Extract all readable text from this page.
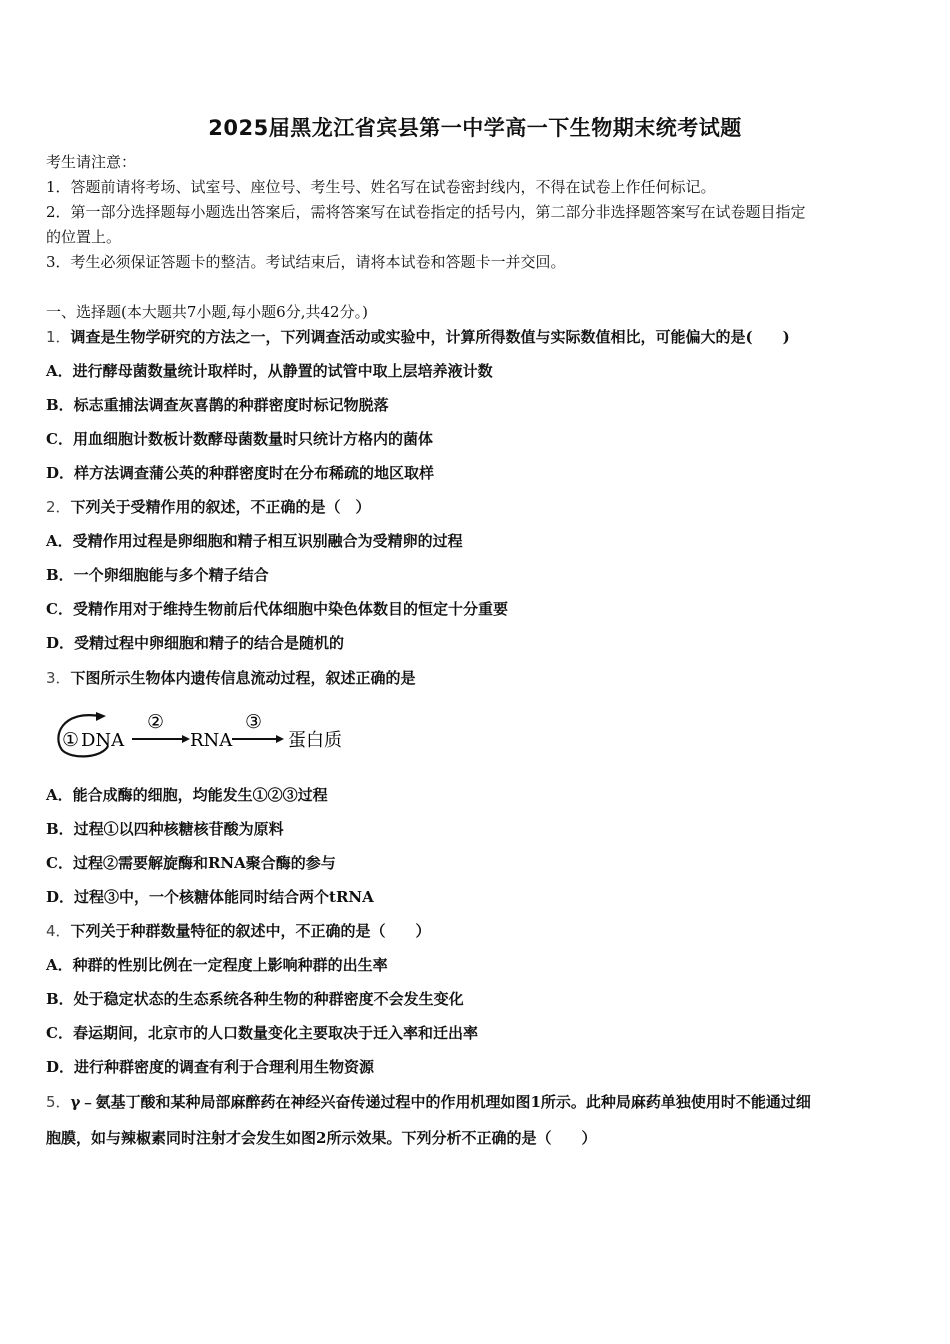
2025届黑龙江省宾县第一中学高一下生物期末统考试题
考生请注意：
1．答题前请将考场、试室号、座位号、考生号、姓名写在试卷密封线内，不得在试卷上作任何标记。
2．第一部分选择题每小题选出答案后，需将答案写在试卷指定的括号内，第二部分非选择题答案写在试卷题目指定
的位置上。
3．考生必须保证答题卡的整洁。考试结束后，请将本试卷和答题卡一并交回。
一、选择题(本大题共7小题,每小题6分,共42分。)
1．调查是生物学研究的方法之一，下列调查活动或实验中，计算所得数值与实际数值相比，可能偏大的是(　　)
A．进行酵母菌数量统计取样时，从静置的试管中取上层培养液计数
B．标志重捕法调查灰喜鹊的种群密度时标记物脱落
C．用血细胞计数板计数酵母菌数量时只统计方格内的菌体
D．样方法调查蒲公英的种群密度时在分布稀疏的地区取样
2．下列关于受精作用的叙述，不正确的是（　）
A．受精作用过程是卵细胞和精子相互识别融合为受精卵的过程
B．一个卵细胞能与多个精子结合
C．受精作用对于维持生物前后代体细胞中染色体数目的恒定十分重要
D．受精过程中卵细胞和精子的结合是随机的
3．下图所示生物体内遗传信息流动过程，叙述正确的是
① DNA
②
RNA
③
蛋白质
A．能合成酶的细胞，均能发生①②③过程
B．过程①以四种核糖核苷酸为原料
C．过程②需要解旋酶和RNA聚合酶的参与
D．过程③中，一个核糖体能同时结合两个tRNA
4．下列关于种群数量特征的叙述中，不正确的是（　　）
A．种群的性别比例在一定程度上影响种群的出生率
B．处于稳定状态的生态系统各种生物的种群密度不会发生变化
C．春运期间，北京市的人口数量变化主要取决于迁入率和迁出率
D．进行种群密度的调查有利于合理利用生物资源
5．γ﹣氨基丁酸和某种局部麻醉药在神经兴奋传递过程中的作用机理如图1所示。此种局麻药单独使用时不能通过细
胞膜，如与辣椒素同时注射才会发生如图2所示效果。下列分析不正确的是（　　）
